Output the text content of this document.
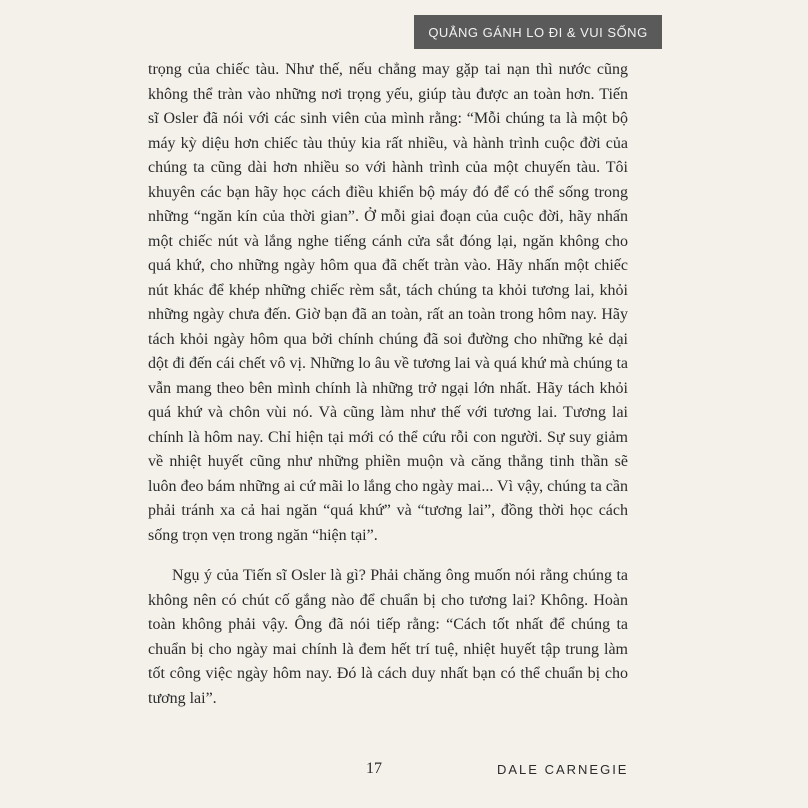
QUẲNG GÁNH LO ĐI & VUI SỐNG

trọng của chiếc tàu. Như thế, nếu chẳng may gặp tai nạn thì nước cũng không thể tràn vào những nơi trọng yếu, giúp tàu được an toàn hơn. Tiến sĩ Osler đã nói với các sinh viên của mình rằng: “Mỗi chúng ta là một bộ máy kỳ diệu hơn chiếc tàu thủy kia rất nhiều, và hành trình cuộc đời của chúng ta cũng dài hơn nhiều so với hành trình của một chuyến tàu. Tôi khuyên các bạn hãy học cách điều khiển bộ máy đó để có thể sống trong những “ngăn kín của thời gian”. Ở mỗi giai đoạn của cuộc đời, hãy nhấn một chiếc nút và lắng nghe tiếng cánh cửa sắt đóng lại, ngăn không cho quá khứ, cho những ngày hôm qua đã chết tràn vào. Hãy nhấn một chiếc nút khác để khép những chiếc rèm sắt, tách chúng ta khỏi tương lai, khỏi những ngày chưa đến. Giờ bạn đã an toàn, rất an toàn trong hôm nay. Hãy tách khỏi ngày hôm qua bởi chính chúng đã soi đường cho những kẻ dại dột đi đến cái chết vô vị. Những lo âu về tương lai và quá khứ mà chúng ta vẫn mang theo bên mình chính là những trở ngại lớn nhất. Hãy tách khỏi quá khứ và chôn vùi nó. Và cũng làm như thế với tương lai. Tương lai chính là hôm nay. Chỉ hiện tại mới có thể cứu rỗi con người. Sự suy giảm về nhiệt huyết cũng như những phiền muộn và căng thẳng tinh thần sẽ luôn đeo bám những ai cứ mãi lo lắng cho ngày mai... Vì vậy, chúng ta cần phải tránh xa cả hai ngăn “quá khứ” và “tương lai”, đồng thời học cách sống trọn vẹn trong ngăn “hiện tại”.

Ngụ ý của Tiến sĩ Osler là gì? Phải chăng ông muốn nói rằng chúng ta không nên có chút cố gắng nào để chuẩn bị cho tương lai? Không. Hoàn toàn không phải vậy. Ông đã nói tiếp rằng: “Cách tốt nhất để chúng ta chuẩn bị cho ngày mai chính là đem hết trí tuệ, nhiệt huyết tập trung làm tốt công việc ngày hôm nay. Đó là cách duy nhất bạn có thể chuẩn bị cho tương lai”.

17	DALE CARNEGIE
